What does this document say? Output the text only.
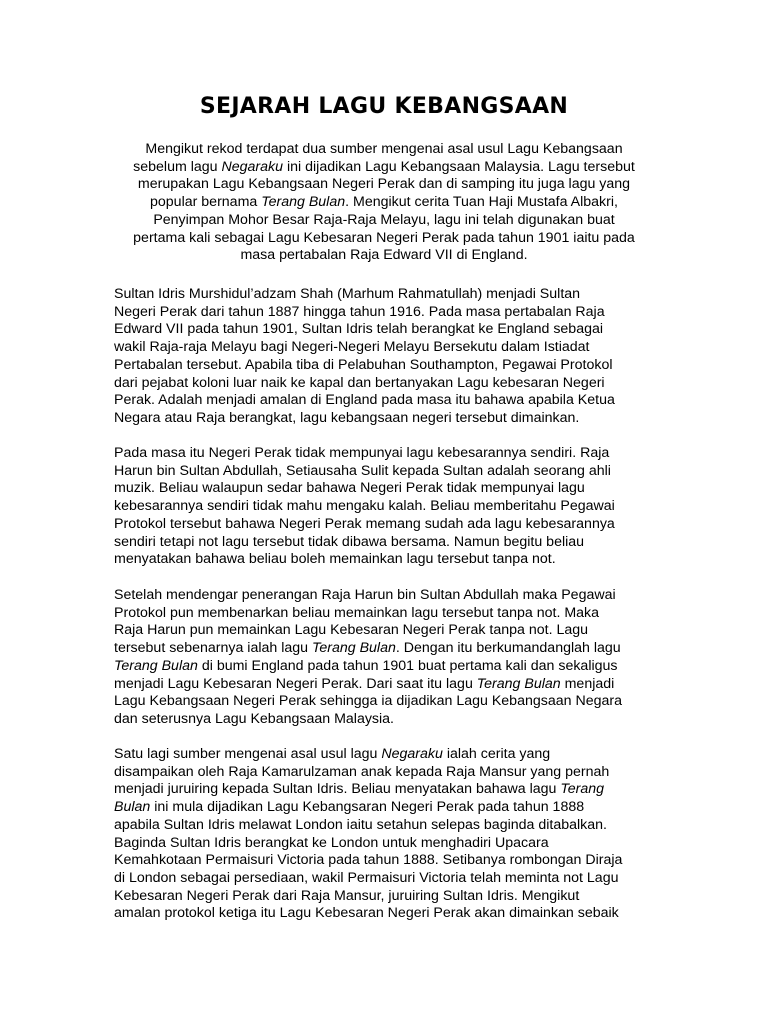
SEJARAH LAGU KEBANGSAAN
Mengikut rekod terdapat dua sumber mengenai asal usul Lagu Kebangsaan
sebelum lagu Negaraku ini dijadikan Lagu Kebangsaan Malaysia. Lagu tersebut
merupakan Lagu Kebangsaan Negeri Perak dan di samping itu juga lagu yang
popular bernama Terang Bulan. Mengikut cerita Tuan Haji Mustafa Albakri,
Penyimpan Mohor Besar Raja-Raja Melayu, lagu ini telah digunakan buat
pertama kali sebagai Lagu Kebesaran Negeri Perak pada tahun 1901 iaitu pada
masa pertabalan Raja Edward VII di England.
Sultan Idris Murshidul’adzam Shah (Marhum Rahmatullah) menjadi Sultan
Negeri Perak dari tahun 1887 hingga tahun 1916. Pada masa pertabalan Raja
Edward VII pada tahun 1901, Sultan Idris telah berangkat ke England sebagai
wakil Raja-raja Melayu bagi Negeri-Negeri Melayu Bersekutu dalam Istiadat
Pertabalan tersebut. Apabila tiba di Pelabuhan Southampton, Pegawai Protokol
dari pejabat koloni luar naik ke kapal dan bertanyakan Lagu kebesaran Negeri
Perak. Adalah menjadi amalan di England pada masa itu bahawa apabila Ketua
Negara atau Raja berangkat, lagu kebangsaan negeri tersebut dimainkan.
Pada masa itu Negeri Perak tidak mempunyai lagu kebesarannya sendiri. Raja
Harun bin Sultan Abdullah, Setiausaha Sulit kepada Sultan adalah seorang ahli
muzik. Beliau walaupun sedar bahawa Negeri Perak tidak mempunyai lagu
kebesarannya sendiri tidak mahu mengaku kalah. Beliau memberitahu Pegawai
Protokol tersebut bahawa Negeri Perak memang sudah ada lagu kebesarannya
sendiri tetapi not lagu tersebut tidak dibawa bersama. Namun begitu beliau
menyatakan bahawa beliau boleh memainkan lagu tersebut tanpa not.
Setelah mendengar penerangan Raja Harun bin Sultan Abdullah maka Pegawai
Protokol pun membenarkan beliau memainkan lagu tersebut tanpa not. Maka
Raja Harun pun memainkan Lagu Kebesaran Negeri Perak tanpa not. Lagu
tersebut sebenarnya ialah lagu Terang Bulan. Dengan itu berkumandanglah lagu
Terang Bulan di bumi England pada tahun 1901 buat pertama kali dan sekaligus
menjadi Lagu Kebesaran Negeri Perak. Dari saat itu lagu Terang Bulan menjadi
Lagu Kebangsaan Negeri Perak sehingga ia dijadikan Lagu Kebangsaan Negara
dan seterusnya Lagu Kebangsaan Malaysia.
Satu lagi sumber mengenai asal usul lagu Negaraku ialah cerita yang
disampaikan oleh Raja Kamarulzaman anak kepada Raja Mansur yang pernah
menjadi juruiring kepada Sultan Idris. Beliau menyatakan bahawa lagu Terang
Bulan ini mula dijadikan Lagu Kebangsaran Negeri Perak pada tahun 1888
apabila Sultan Idris melawat London iaitu setahun selepas baginda ditabalkan.
Baginda Sultan Idris berangkat ke London untuk menghadiri Upacara
Kemahkotaan Permaisuri Victoria pada tahun 1888. Setibanya rombongan Diraja
di London sebagai persediaan, wakil Permaisuri Victoria telah meminta not Lagu
Kebesaran Negeri Perak dari Raja Mansur, juruiring Sultan Idris. Mengikut
amalan protokol ketiga itu Lagu Kebesaran Negeri Perak akan dimainkan sebaik
